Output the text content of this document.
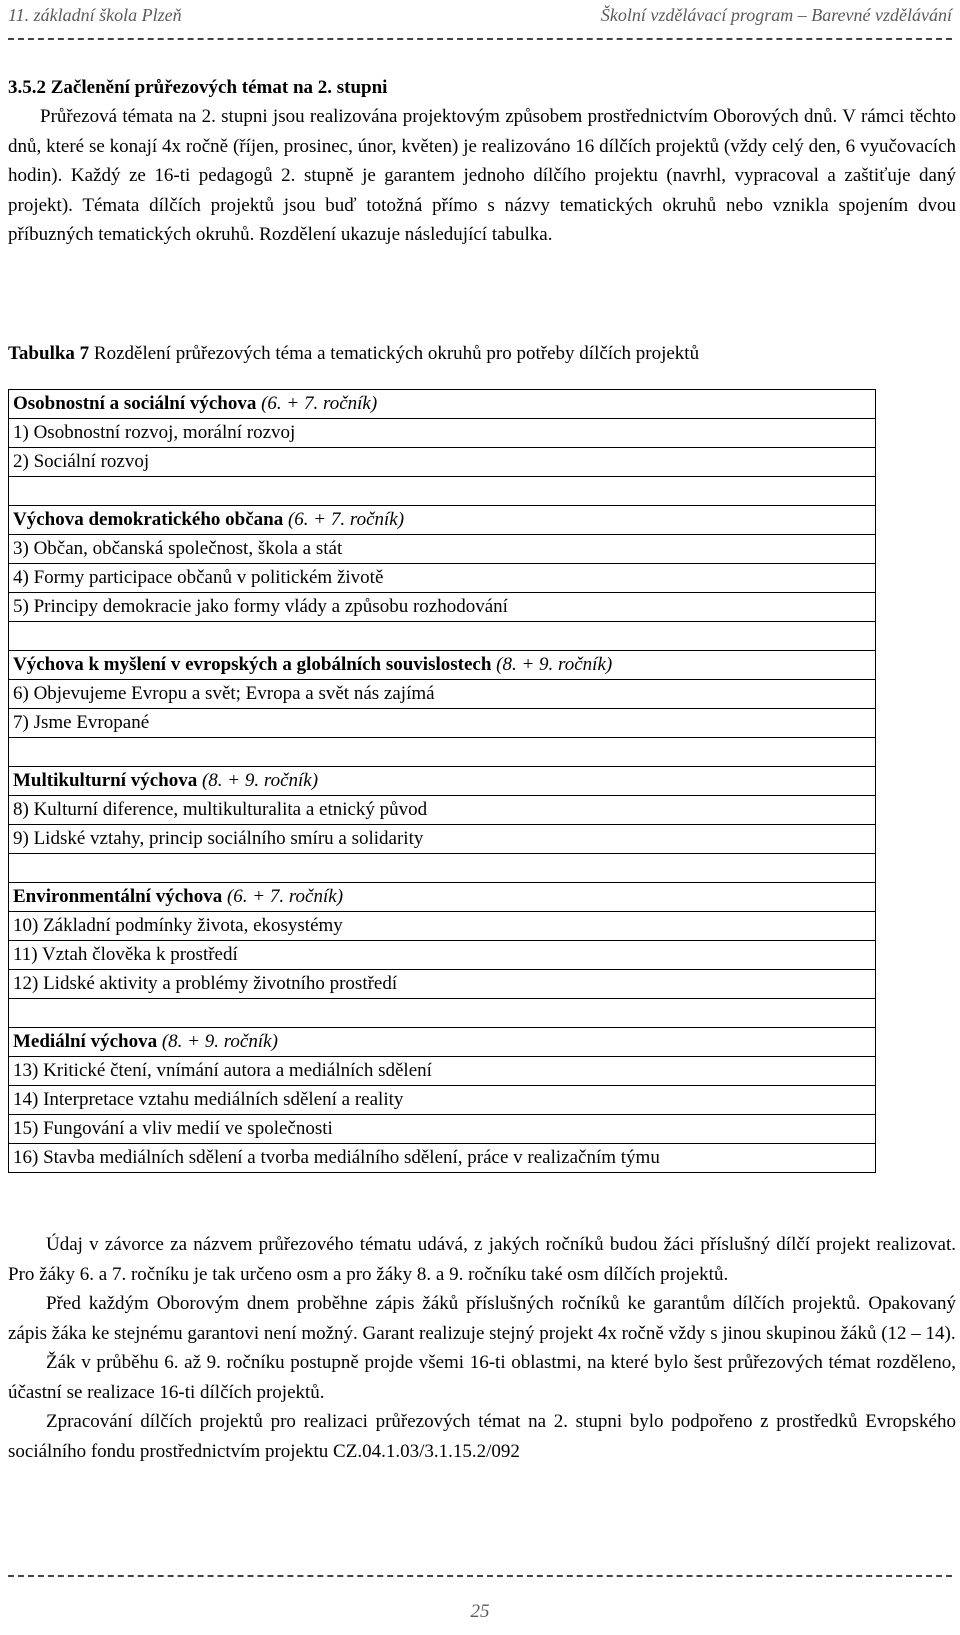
11. základní škola Plzeň	Školní vzdělávací program – Barevné vzdělávání
3.5.2 Začlenění průřezových témat na 2. stupni
Průřezová témata na 2. stupni jsou realizována projektovým způsobem prostřednictvím Oborových dnů. V rámci těchto dnů, které se konají 4x ročně (říjen, prosinec, únor, květen) je realizováno 16 dílčích projektů (vždy celý den, 6 vyučovacích hodin). Každý ze 16-ti pedagogů 2. stupně je garantem jednoho dílčího projektu (navrhl, vypracoval a zaštiťuje daný projekt). Témata dílčích projektů jsou buď totožná přímo s názvy tematických okruhů nebo vznikla spojením dvou příbuzných tematických okruhů. Rozdělení ukazuje následující tabulka.
Tabulka 7 Rozdělení průřezových téma a tematických okruhů pro potřeby dílčích projektů
Osobnostní a sociální výchova (6. + 7. ročník)
1) Osobnostní rozvoj, morální rozvoj
2) Sociální rozvoj

Výchova demokratického občana (6. + 7. ročník)
3) Občan, občanská společnost, škola a stát
4) Formy participace občanů v politickém životě
5) Principy demokracie jako formy vlády a způsobu rozhodování

Výchova k myšlení v evropských a globálních souvislostech (8. + 9. ročník)
6) Objevujeme Evropu a svět; Evropa a svět nás zajímá
7) Jsme Evropané

Multikulturní výchova (8. + 9. ročník)
8) Kulturní diference, multikulturalita a etnický původ
9) Lidské vztahy, princip sociálního smíru a solidarity

Environmentální výchova (6. + 7. ročník)
10) Základní podmínky života, ekosystémy
11) Vztah člověka k prostředí
12) Lidské aktivity a problémy životního prostředí

Mediální výchova (8. + 9. ročník)
13) Kritické čtení, vnímání autora a mediálních sdělení
14) Interpretace vztahu mediálních sdělení a reality
15) Fungování a vliv medií ve společnosti
16) Stavba mediálních sdělení a tvorba mediálního sdělení, práce v realizačním týmu

Údaj v závorce za názvem průřezového tématu udává, z jakých ročníků budou žáci příslušný dílčí projekt realizovat. Pro žáky 6. a 7. ročníku je tak určeno osm a pro žáky 8. a 9. ročníku také osm dílčích projektů.

Před každým Oborovým dnem proběhne zápis žáků příslušných ročníků ke garantům dílčích projektů. Opakovaný zápis žáka ke stejnému garantovi není možný. Garant realizuje stejný projekt 4x ročně vždy s jinou skupinou žáků (12 – 14).

Žák v průběhu 6. až 9. ročníku postupně projde všemi 16-ti oblastmi, na které bylo šest průřezových témat rozděleno, účastní se realizace 16-ti dílčích projektů.

Zpracování dílčích projektů pro realizaci průřezových témat na 2. stupni bylo podpořeno z prostředků Evropského sociálního fondu prostřednictvím projektu CZ.04.1.03/3.1.15.2/092

25
